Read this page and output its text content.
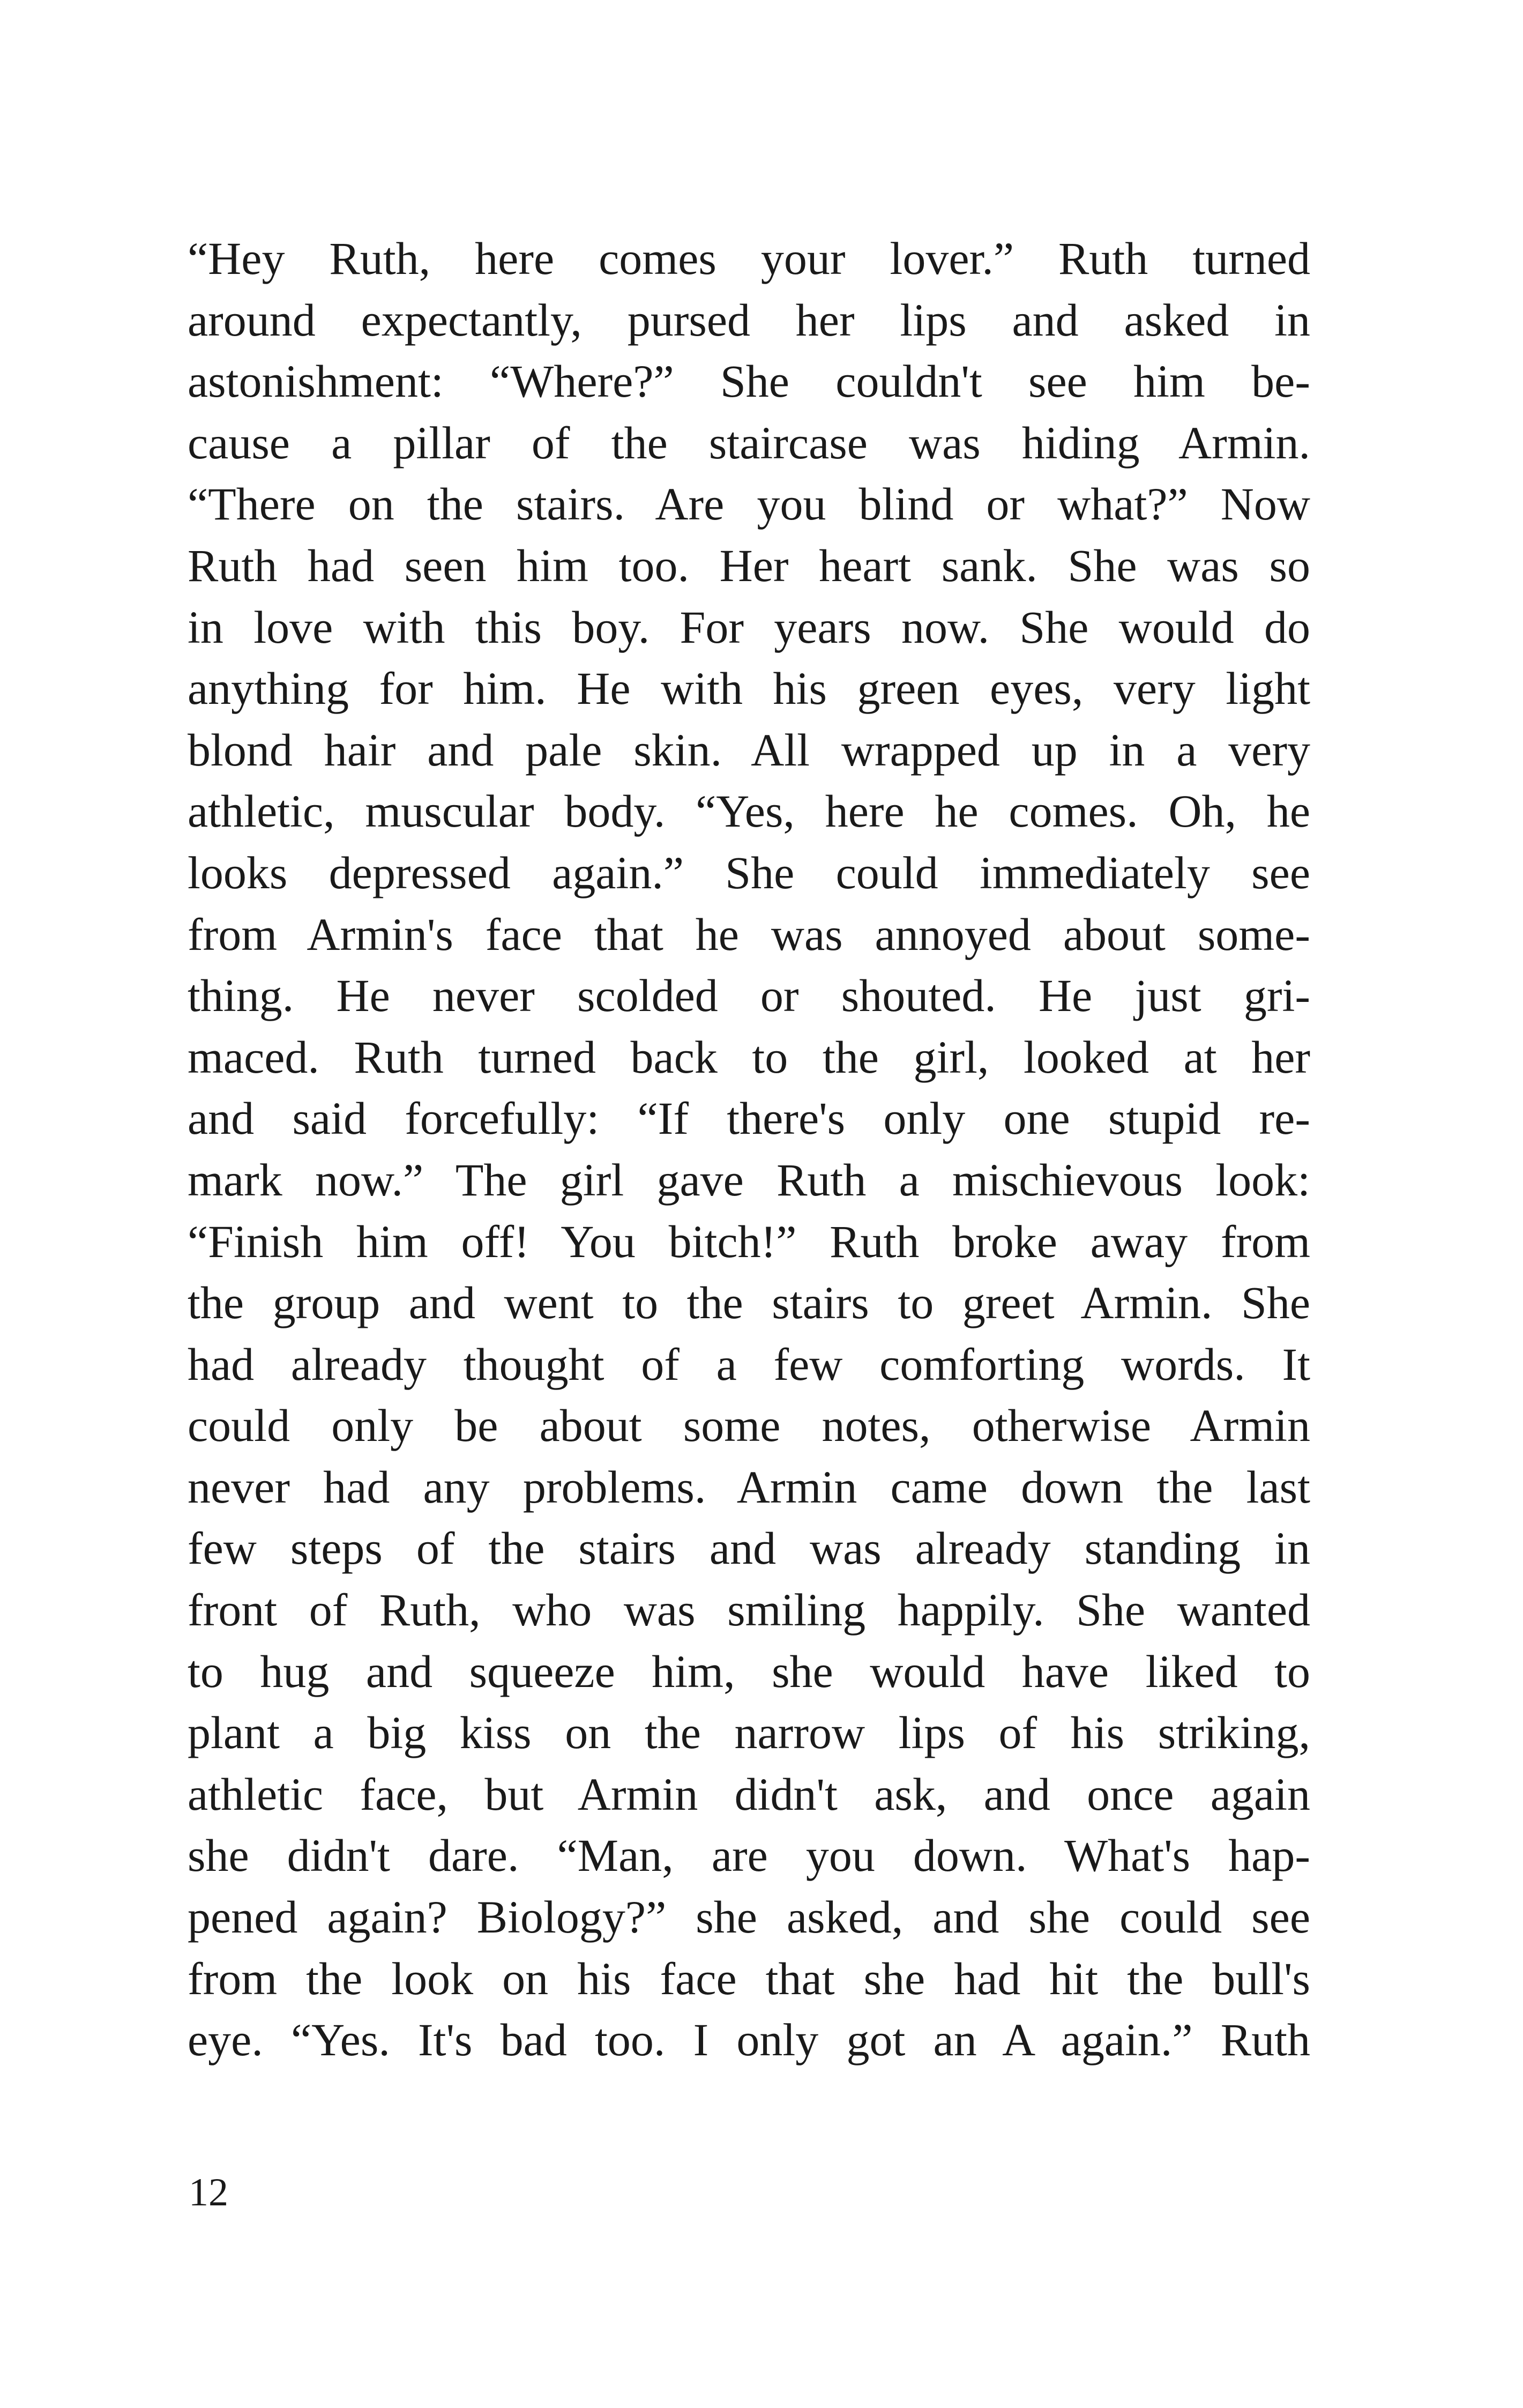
“Hey Ruth, here comes your lover.” Ruth turned
around expectantly, pursed her lips and asked in
astonishment: “Where?” She couldn't see him be-
cause a pillar of the staircase was hiding Armin.
“There on the stairs. Are you blind or what?” Now
Ruth had seen him too. Her heart sank. She was so
in love with this boy. For years now. She would do
anything for him. He with his green eyes, very light
blond hair and pale skin. All wrapped up in a very
athletic, muscular body. “Yes, here he comes. Oh, he
looks depressed again.” She could immediately see
from Armin's face that he was annoyed about some-
thing. He never scolded or shouted. He just gri-
maced. Ruth turned back to the girl, looked at her
and said forcefully: “If there's only one stupid re-
mark now.” The girl gave Ruth a mischievous look:
“Finish him off! You bitch!” Ruth broke away from
the group and went to the stairs to greet Armin. She
had already thought of a few comforting words. It
could only be about some notes, otherwise Armin
never had any problems. Armin came down the last
few steps of the stairs and was already standing in
front of Ruth, who was smiling happily. She wanted
to hug and squeeze him, she would have liked to
plant a big kiss on the narrow lips of his striking,
athletic face, but Armin didn't ask, and once again
she didn't dare. “Man, are you down. What's hap-
pened again? Biology?” she asked, and she could see
from the look on his face that she had hit the bull's
eye. “Yes. It's bad too. I only got an A again.” Ruth
12
